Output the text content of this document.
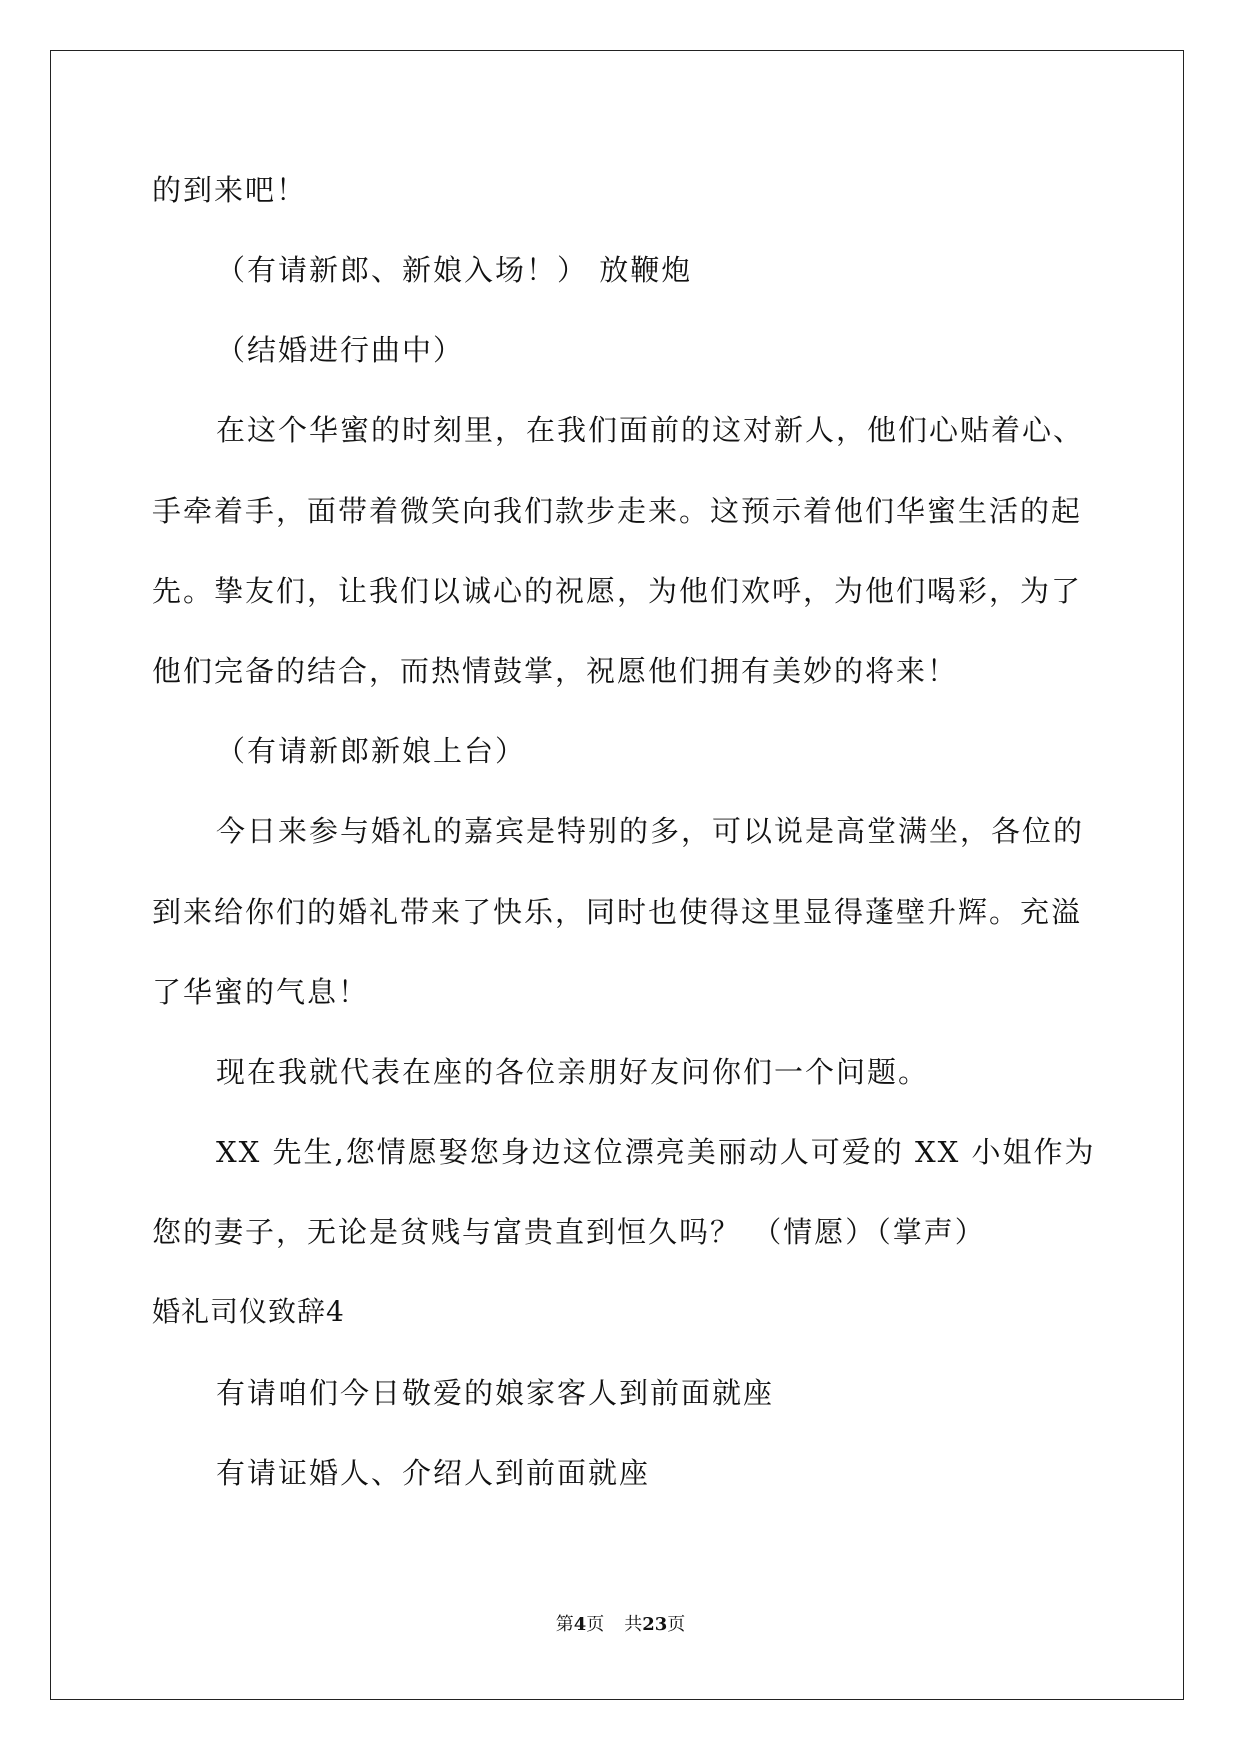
的到来吧！
（有请新郎、新娘入场！） 放鞭炮
（结婚进行曲中）
在这个华蜜的时刻里，在我们面前的这对新人，他们心贴着心、
手牵着手，面带着微笑向我们款步走来。这预示着他们华蜜生活的起
先。挚友们，让我们以诚心的祝愿，为他们欢呼，为他们喝彩，为了
他们完备的结合，而热情鼓掌，祝愿他们拥有美妙的将来！
（有请新郎新娘上台）
今日来参与婚礼的嘉宾是特别的多，可以说是高堂满坐，各位的
到来给你们的婚礼带来了快乐，同时也使得这里显得蓬壁升辉。充溢
了华蜜的气息！
现在我就代表在座的各位亲朋好友问你们一个问题。
XX 先生,您情愿娶您身边这位漂亮美丽动人可爱的 XX 小姐作为
您的妻子，无论是贫贱与富贵直到恒久吗？ （情愿）（掌声）
婚礼司仪致辞4
有请咱们今日敬爱的娘家客人到前面就座
有请证婚人、介绍人到前面就座
第4页 共23页
